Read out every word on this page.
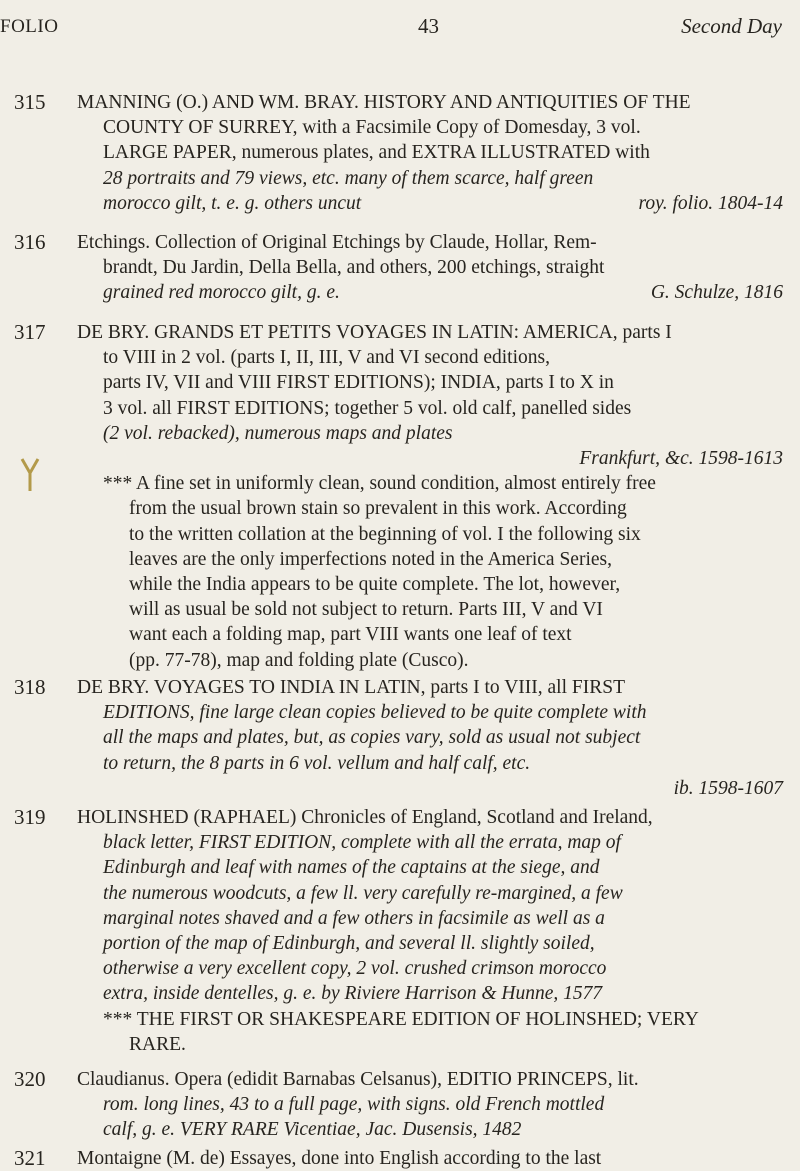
FOLIO	43	Second Day
315	MANNING (O.) AND WM. BRAY. HISTORY AND ANTIQUITIES OF THE

COUNTY OF SURREY, with a Facsimile Copy of Domesday, 3 vol.

LARGE PAPER, numerous plates, and EXTRA ILLUSTRATED with

28 portraits and 79 views, etc. many of them scarce, half green

morocco gilt, t. e. g. others uncut	roy. folio. 1804-14

316	Etchings. Collection of Original Etchings by Claude, Hollar, Rem-

brandt, Du Jardin, Della Bella, and others, 200 etchings, straight

grained red morocco gilt, g. e.	G. Schulze, 1816

317	DE BRY. GRANDS ET PETITS VOYAGES IN LATIN: AMERICA, parts I

to VIII in 2 vol. (parts I, II, III, V and VI second editions,

parts IV, VII and VIII FIRST EDITIONS); INDIA, parts I to X in

3 vol. all FIRST EDITIONS; together 5 vol. old calf, panelled sides

(2 vol. rebacked), numerous maps and plates

Frankfurt, &c. 1598-1613

*** A fine set in uniformly clean, sound condition, almost entirely free

from the usual brown stain so prevalent in this work. According

to the written collation at the beginning of vol. I the following six

leaves are the only imperfections noted in the America Series,

while the India appears to be quite complete. The lot, however,

will as usual be sold not subject to return. Parts III, V and VI

want each a folding map, part VIII wants one leaf of text

(pp. 77-78), map and folding plate (Cusco).

318	DE BRY. VOYAGES TO INDIA IN LATIN, parts I to VIII, all FIRST

EDITIONS, fine large clean copies believed to be quite complete with

all the maps and plates, but, as copies vary, sold as usual not subject

to return, the 8 parts in 6 vol. vellum and half calf, etc.

ib. 1598-1607

319	HOLINSHED (RAPHAEL) Chronicles of England, Scotland and Ireland,

black letter, FIRST EDITION, complete with all the errata, map of

Edinburgh and leaf with names of the captains at the siege, and

the numerous woodcuts, a few ll. very carefully re-margined, a few

marginal notes shaved and a few others in facsimile as well as a

portion of the map of Edinburgh, and several ll. slightly soiled,

otherwise a very excellent copy, 2 vol. crushed crimson morocco

extra, inside dentelles, g. e. by Riviere Harrison & Hunne, 1577

*** THE FIRST OR SHAKESPEARE EDITION OF HOLINSHED; VERY

RARE.

320	Claudianus. Opera (edidit Barnabas Celsanus), EDITIO PRINCEPS, lit.

rom. long lines, 43 to a full page, with signs. old French mottled

calf, g. e. VERY RARE Vicentiae, Jac. Dusensis, 1482

321	Montaigne (M. de) Essayes, done into English according to the last
